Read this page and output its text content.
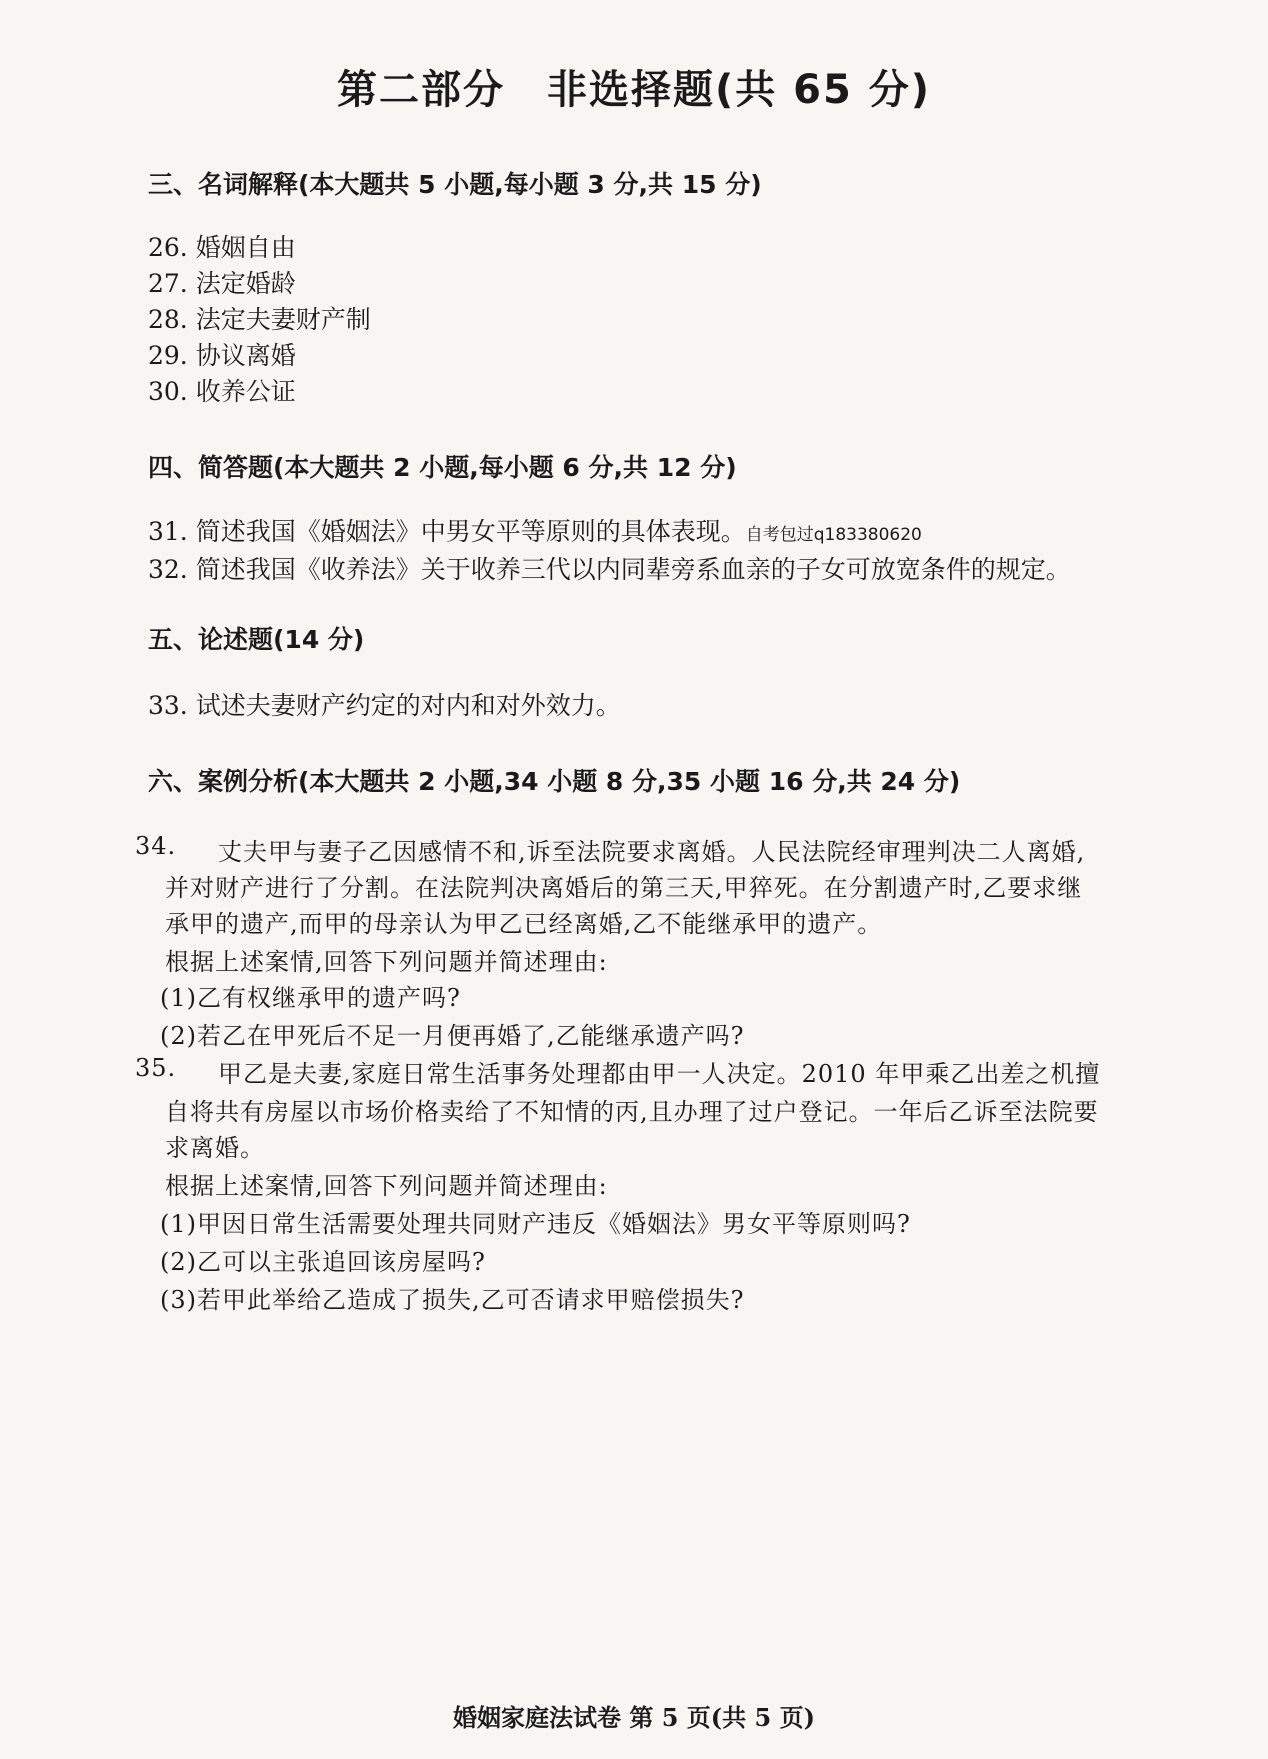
第二部分　非选择题(共 65 分)
三、名词解释(本大题共 5 小题,每小题 3 分,共 15 分)
26. 婚姻自由
27. 法定婚龄
28. 法定夫妻财产制
29. 协议离婚
30. 收养公证
四、简答题(本大题共 2 小题,每小题 6 分,共 12 分)
31. 简述我国《婚姻法》中男女平等原则的具体表现。自考包过q183380620
32. 简述我国《收养法》关于收养三代以内同辈旁系血亲的子女可放宽条件的规定。
五、论述题(14 分)
33. 试述夫妻财产约定的对内和对外效力。
六、案例分析(本大题共 2 小题,34 小题 8 分,35 小题 16 分,共 24 分)
34. 丈夫甲与妻子乙因感情不和,诉至法院要求离婚。人民法院经审理判决二人离婚,
并对财产进行了分割。在法院判决离婚后的第三天,甲猝死。在分割遗产时,乙要求继
承甲的遗产,而甲的母亲认为甲乙已经离婚,乙不能继承甲的遗产。
根据上述案情,回答下列问题并简述理由:
(1)乙有权继承甲的遗产吗?
(2)若乙在甲死后不足一月便再婚了,乙能继承遗产吗?
35. 甲乙是夫妻,家庭日常生活事务处理都由甲一人决定。2010 年甲乘乙出差之机擅
自将共有房屋以市场价格卖给了不知情的丙,且办理了过户登记。一年后乙诉至法院要
求离婚。
根据上述案情,回答下列问题并简述理由:
(1)甲因日常生活需要处理共同财产违反《婚姻法》男女平等原则吗?
(2)乙可以主张追回该房屋吗?
(3)若甲此举给乙造成了损失,乙可否请求甲赔偿损失?
婚姻家庭法试卷 第 5 页(共 5 页)
